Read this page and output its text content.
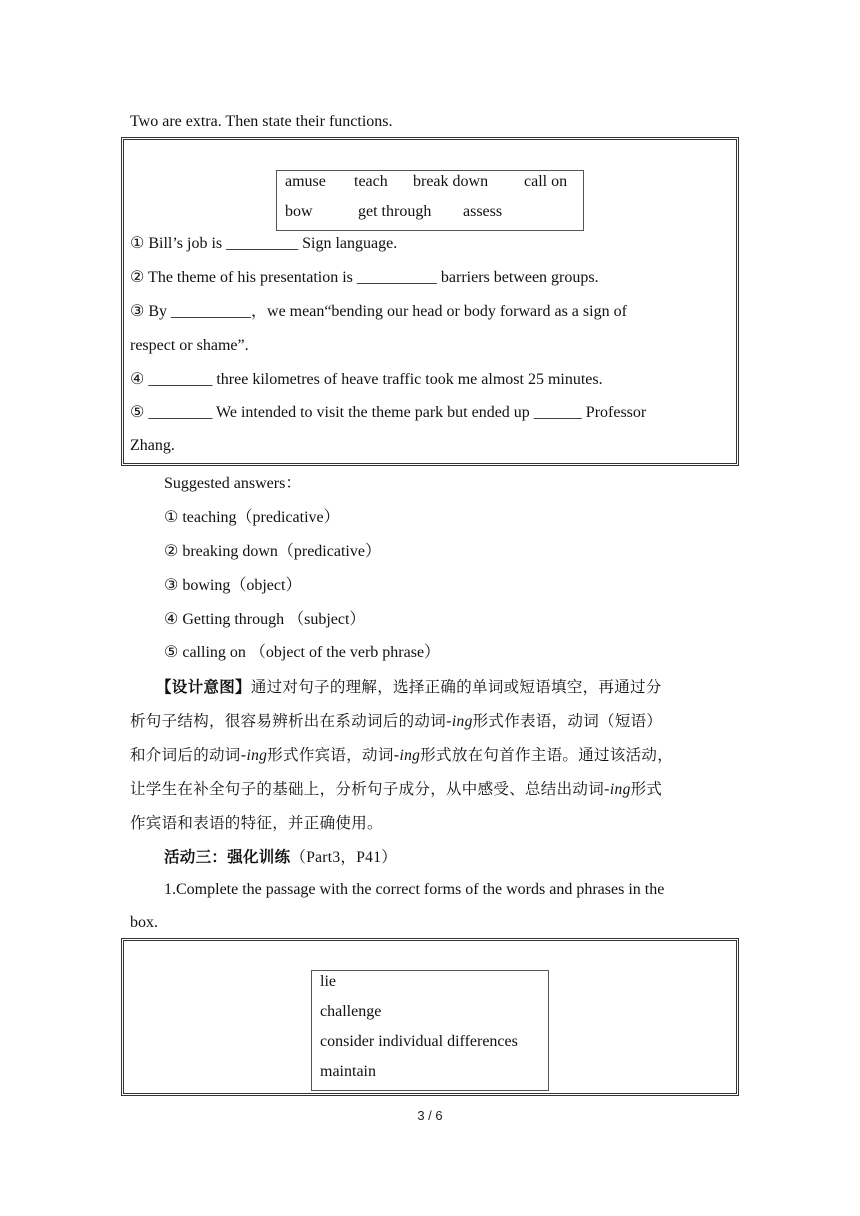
Two are extra. Then state their functions.
amuse teach break down call on
bow	get through assess
① Bill’s job is _________ Sign language.
② The theme of his presentation is __________ barriers between groups.
③ By __________，we mean“bending our head or body forward as a sign of
respect or shame”.
④ ________ three kilometres of heave traffic took me almost 25 minutes.
⑤ ________ We intended to visit the theme park but ended up ______ Professor
Zhang.
Suggested answers：
① teaching（predicative）
② breaking down（predicative）
③ bowing（object）
④ Getting through （subject）
⑤ calling on （object of the verb phrase）
【设计意图】通过对句子的理解，选择正确的单词或短语填空，再通过分
析句子结构，很容易辨析出在系动词后的动词-ing形式作表语，动词（短语）
和介词后的动词-ing形式作宾语，动词-ing形式放在句首作主语。通过该活动，
让学生在补全句子的基础上，分析句子成分，从中感受、总结出动词-ing形式
作宾语和表语的特征，并正确使用。
活动三：强化训练（Part3，P41）
1.Complete the passage with the correct forms of the words and phrases in the
box.
lie
challenge
consider individual differences
maintain
3 / 6
